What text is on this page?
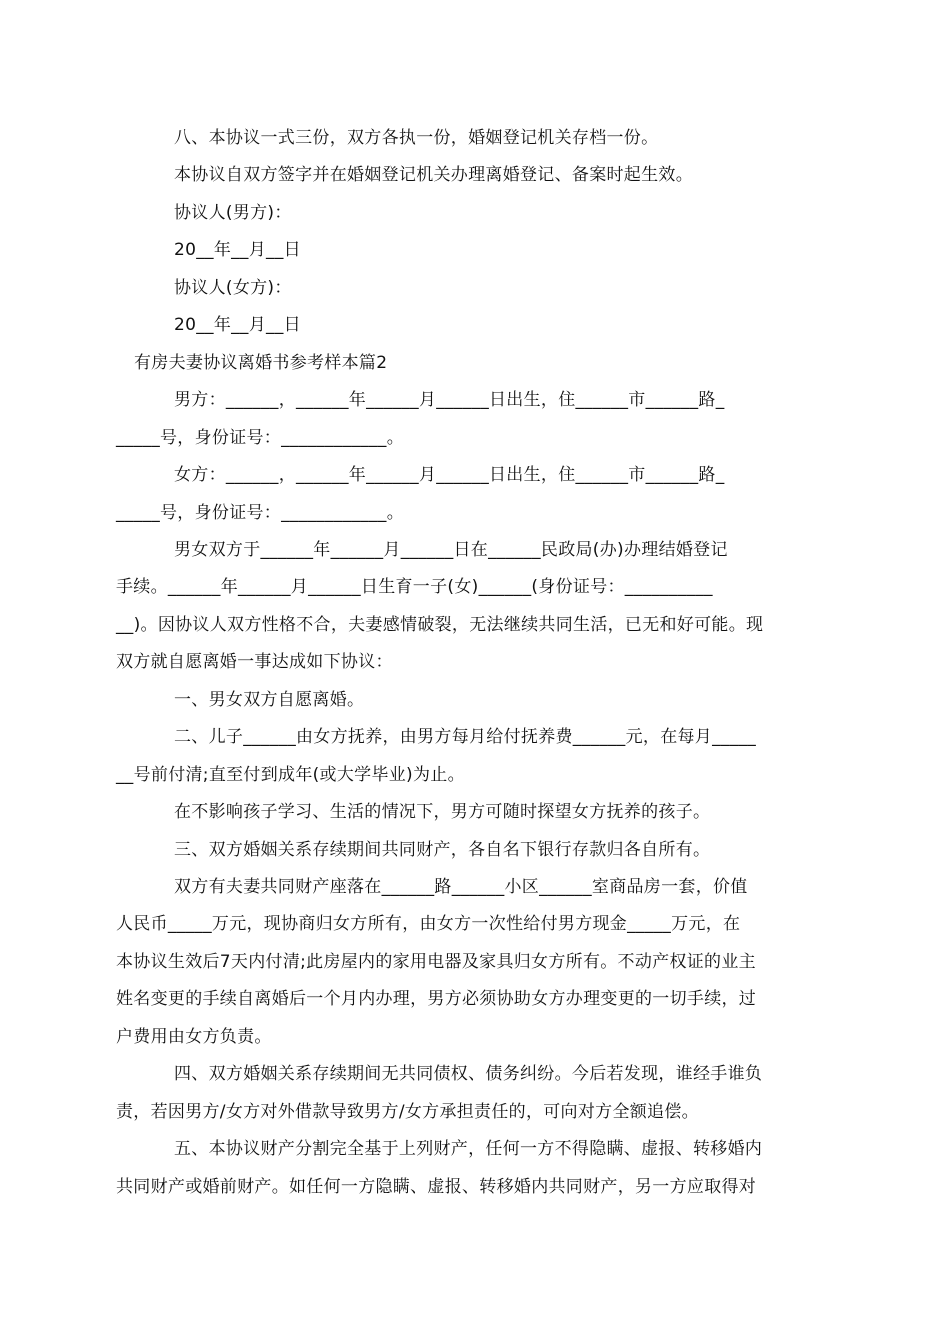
八、本协议一式三份，双方各执一份，婚姻登记机关存档一份。
本协议自双方签字并在婚姻登记机关办理离婚登记、备案时起生效。
协议人(男方)：
20__年__月__日
协议人(女方)：
20__年__月__日
有房夫妻协议离婚书参考样本篇2
男方：______，______年______月______日出生，住______市______路_
_____号，身份证号：____________。
女方：______，______年______月______日出生，住______市______路_
_____号，身份证号：____________。
男女双方于______年______月______日在______民政局(办)办理结婚登记
手续。______年______月______日生育一子(女)______(身份证号：__________
__)。因协议人双方性格不合，夫妻感情破裂，无法继续共同生活，已无和好可能。现
双方就自愿离婚一事达成如下协议：
一、男女双方自愿离婚。
二、儿子______由女方抚养，由男方每月给付抚养费______元，在每月_____
__号前付清;直至付到成年(或大学毕业)为止。
在不影响孩子学习、生活的情况下，男方可随时探望女方抚养的孩子。
三、双方婚姻关系存续期间共同财产，各自名下银行存款归各自所有。
双方有夫妻共同财产座落在______路______小区______室商品房一套，价值
人民币_____万元，现协商归女方所有，由女方一次性给付男方现金_____万元，在
本协议生效后7天内付清;此房屋内的家用电器及家具归女方所有。不动产权证的业主
姓名变更的手续自离婚后一个月内办理，男方必须协助女方办理变更的一切手续，过
户费用由女方负责。
四、双方婚姻关系存续期间无共同债权、债务纠纷。今后若发现，谁经手谁负
责，若因男方/女方对外借款导致男方/女方承担责任的，可向对方全额追偿。
五、本协议财产分割完全基于上列财产，任何一方不得隐瞒、虚报、转移婚内
共同财产或婚前财产。如任何一方隐瞒、虚报、转移婚内共同财产，另一方应取得对
